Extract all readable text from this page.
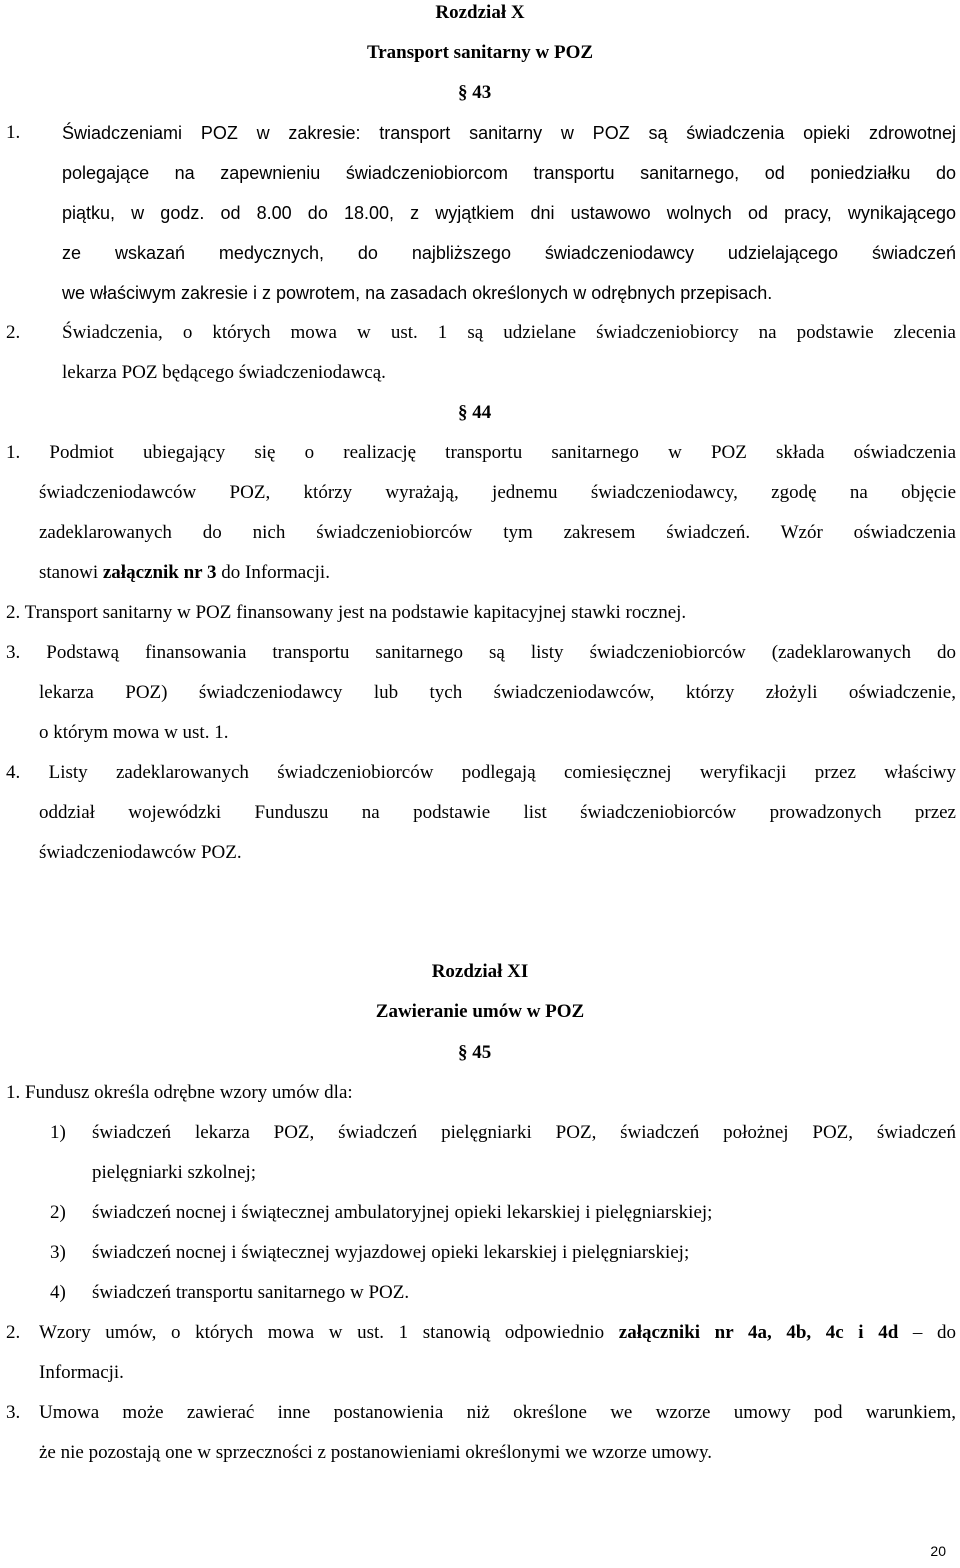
Rozdział X
Transport sanitarny w POZ
§ 43
1. Świadczeniami POZ w zakresie: transport sanitarny w POZ są świadczenia opieki zdrowotnej
polegające na zapewnieniu świadczeniobiorcom transportu sanitarnego, od poniedziałku do
piątku, w godz. od 8.00 do 18.00, z wyjątkiem dni ustawowo wolnych od pracy, wynikającego
ze wskazań medycznych, do najbliższego świadczeniodawcy udzielającego świadczeń
we właściwym zakresie i z powrotem, na zasadach określonych w odrębnych przepisach.
2. Świadczenia, o których mowa w ust. 1 są udzielane świadczeniobiorcy na podstawie zlecenia
lekarza POZ będącego świadczeniodawcą.
§ 44
1. Podmiot ubiegający się o realizację transportu sanitarnego w POZ składa oświadczenia
świadczeniodawców POZ, którzy wyrażają, jednemu świadczeniodawcy, zgodę na objęcie
zadeklarowanych do nich świadczeniobiorców tym zakresem świadczeń. Wzór oświadczenia
stanowi załącznik nr 3 do Informacji.
2. Transport sanitarny w POZ finansowany jest na podstawie kapitacyjnej stawki rocznej.
3. Podstawą finansowania transportu sanitarnego są listy świadczeniobiorców (zadeklarowanych do
lekarza POZ) świadczeniodawcy lub tych świadczeniodawców, którzy złożyli oświadczenie,
o którym mowa w ust. 1.
4. Listy zadeklarowanych świadczeniobiorców podlegają comiesięcznej weryfikacji przez właściwy
oddział wojewódzki Funduszu na podstawie list świadczeniobiorców prowadzonych przez
świadczeniodawców POZ.
Rozdział XI
Zawieranie umów w POZ
§ 45
1. Fundusz określa odrębne wzory umów dla:
1) świadczeń lekarza POZ, świadczeń pielęgniarki POZ, świadczeń położnej POZ, świadczeń
pielęgniarki szkolnej;
2) świadczeń nocnej i świątecznej ambulatoryjnej opieki lekarskiej i pielęgniarskiej;
3) świadczeń nocnej i świątecznej wyjazdowej opieki lekarskiej i pielęgniarskiej;
4) świadczeń transportu sanitarnego w POZ.
2. Wzory umów, o których mowa w ust. 1 stanowią odpowiednio załączniki nr 4a, 4b, 4c i 4d – do
Informacji.
3. Umowa może zawierać inne postanowienia niż określone we wzorze umowy pod warunkiem,
że nie pozostają one w sprzeczności z postanowieniami określonymi we wzorze umowy.
20
